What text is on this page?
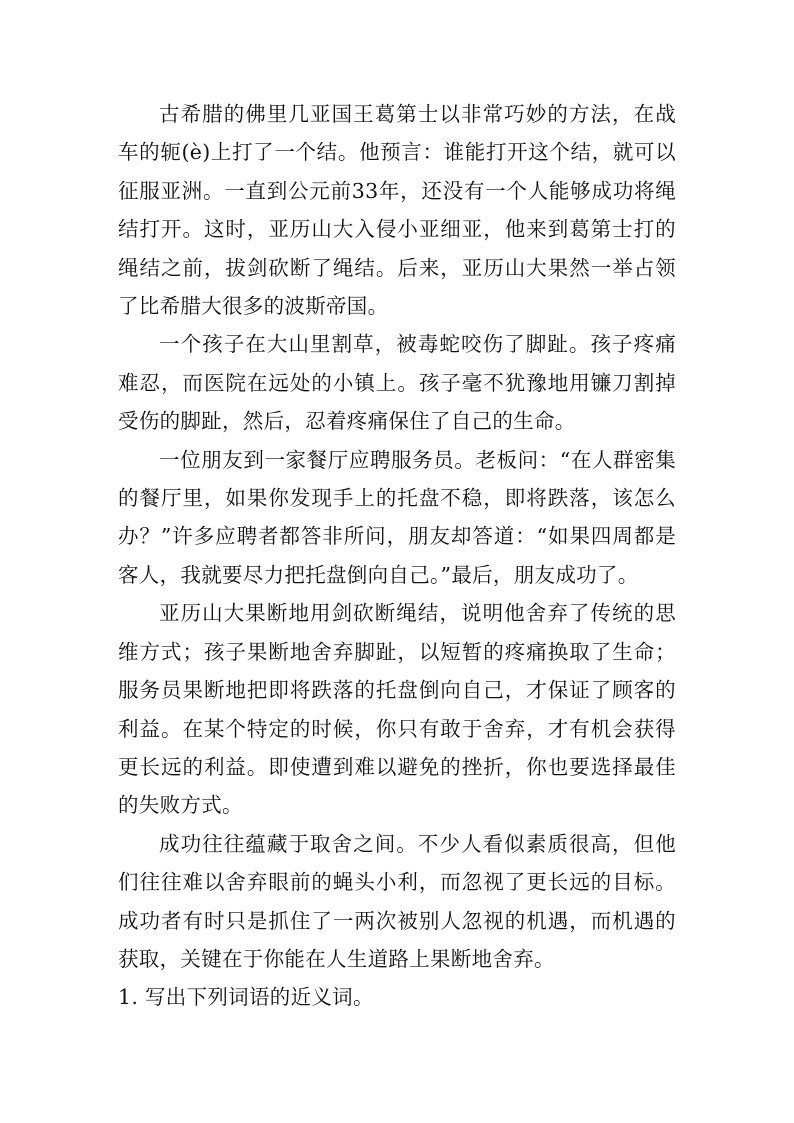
古希腊的佛里几亚国王葛第士以非常巧妙的方法，在战车的轭(è)上打了一个结。他预言：谁能打开这个结，就可以征服亚洲。一直到公元前33年，还没有一个人能够成功将绳结打开。这时，亚历山大入侵小亚细亚，他来到葛第士打的绳结之前，拔剑砍断了绳结。后来，亚历山大果然一举占领了比希腊大很多的波斯帝国。

一个孩子在大山里割草，被毒蛇咬伤了脚趾。孩子疼痛难忍，而医院在远处的小镇上。孩子毫不犹豫地用镰刀割掉受伤的脚趾，然后，忍着疼痛保住了自己的生命。

一位朋友到一家餐厅应聘服务员。老板问：“在人群密集的餐厅里，如果你发现手上的托盘不稳，即将跌落，该怎么办？”许多应聘者都答非所问，朋友却答道：“如果四周都是客人，我就要尽力把托盘倒向自己。”最后，朋友成功了。

亚历山大果断地用剑砍断绳结，说明他舍弃了传统的思维方式；孩子果断地舍弃脚趾，以短暂的疼痛换取了生命；服务员果断地把即将跌落的托盘倒向自己，才保证了顾客的利益。在某个特定的时候，你只有敢于舍弃，才有机会获得更长远的利益。即使遭到难以避免的挫折，你也要选择最佳的失败方式。

成功往往蕴藏于取舍之间。不少人看似素质很高，但他们往往难以舍弃眼前的蝇头小利，而忽视了更长远的目标。成功者有时只是抓住了一两次被别人忽视的机遇，而机遇的获取，关键在于你能在人生道路上果断地舍弃。

1. 写出下列词语的近义词。
